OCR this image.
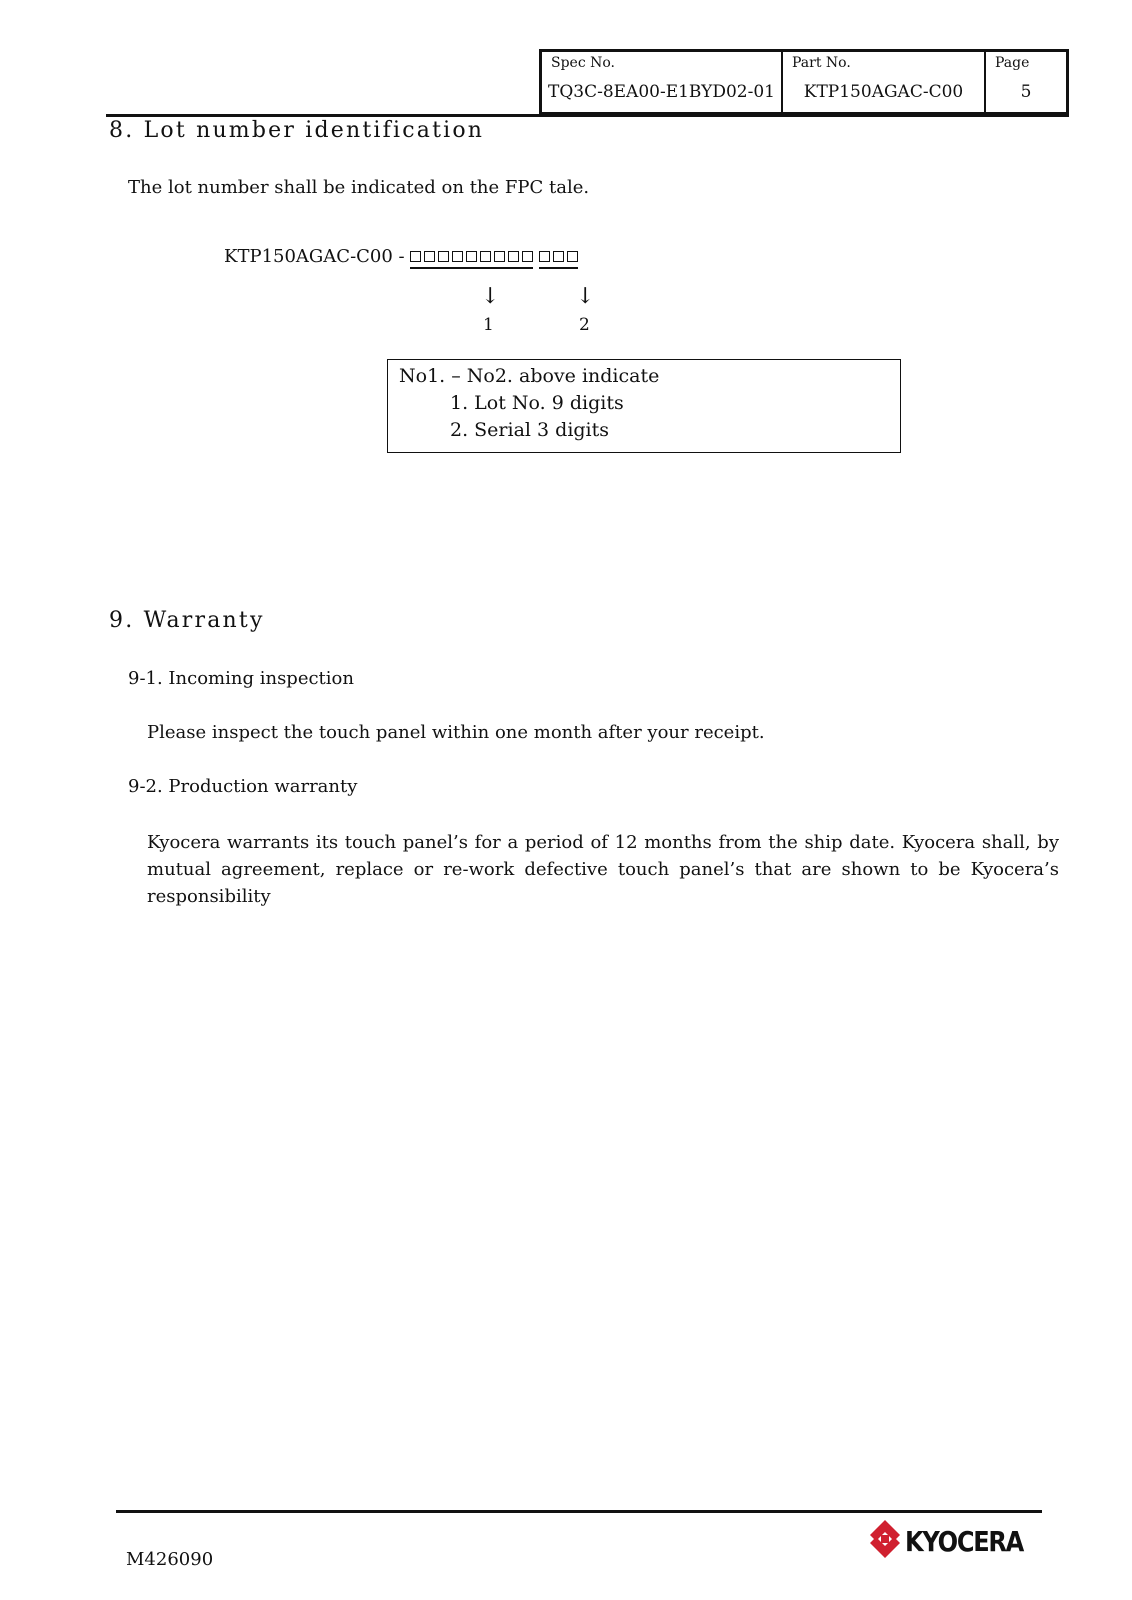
Spec No.
TQ3C-8EA00-E1BYD02-01
Part No.
KTP150AGAC-C00
Page
5
8. Lot number identification
The lot number shall be indicated on the FPC tale.
KTP150AGAC-C00 -
↓	↓
1	2
No1. – No2. above indicate
1. Lot No. 9 digits
2. Serial 3 digits
9. Warranty
9-1. Incoming inspection
Please inspect the touch panel within one month after your receipt.
9-2. Production warranty
Kyocera warrants its touch panel’s for a period of 12 months from the ship date. Kyocera shall, by mutual agreement, replace or re-work defective touch panel’s that are shown to be Kyocera’s responsibility
M426090
KYOCERA
